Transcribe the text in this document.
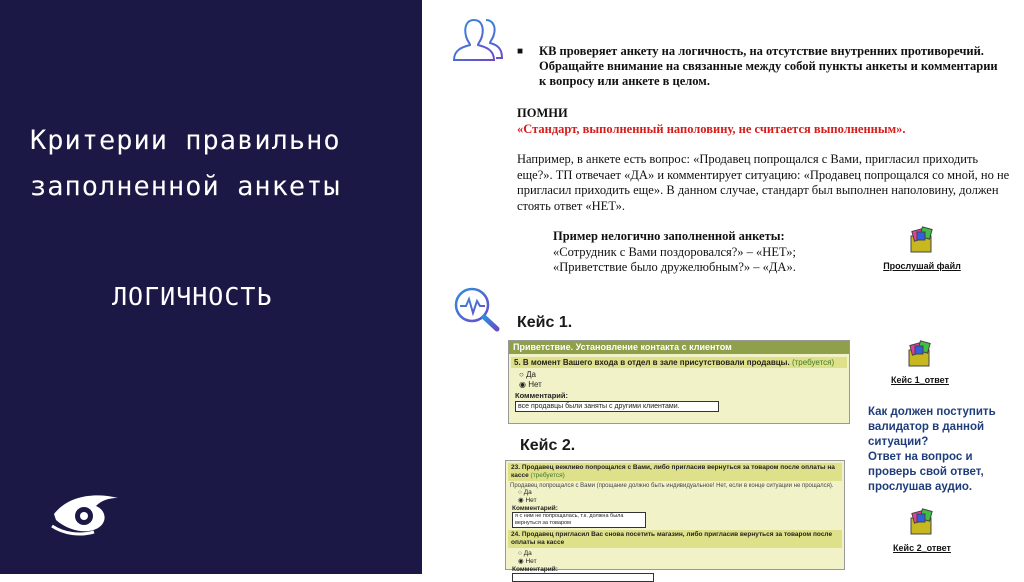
Критерии правильно заполненной анкеты
ЛОГИЧНОСТЬ
■ КВ проверяет анкету на логичность, на отсутствие внутренних противоречий. Обращайте внимание на связанные между собой пункты анкеты и комментарии к вопросу или анкете в целом.
ПОМНИ
«Стандарт, выполненный наполовину, не считается выполненным».
Например, в анкете есть вопрос: «Продавец попрощался с Вами, пригласил приходить еще?». ТП отвечает «ДА» и комментирует ситуацию: «Продавец попрощался со мной, но не пригласил приходить еще». В данном случае, стандарт был выполнен наполовину, должен стоять ответ «НЕТ».
Пример нелогично заполненной анкеты:
«Сотрудник с Вами поздоровался?» – «НЕТ»;
«Приветствие было дружелюбным?» – «ДА».	Прослушай файл
Кейс 1.
Приветствие. Установление контакта с клиентом
5. В момент Вашего входа в отдел в зале присутствовали продавцы. (требуется)
○ Да
◉ Нет
Комментарий:
все продавцы были заняты с другими клиентами.
Кейс 1_ответ
Как должен поступить валидатор в данной ситуации?
Ответ на вопрос и проверь свой ответ, прослушав аудио.
Кейс 2.
23. Продавец вежливо попрощался с Вами, либо пригласив вернуться за товаром после оплаты на кассе (требуется)
Продавец попрощался с Вами (прощание должно быть индивидуальное! Нет, если в конце ситуации не прощался).
○ Да
◉ Нет
Комментарий:
я с ним не попрощалась, т.к. должна была вернуться за товаром
24. Продавец пригласил Вас снова посетить магазин, либо пригласив вернуться за товаром после оплаты на кассе
○ Да
◉ Нет
Комментарий:
Кейс 2_ответ
